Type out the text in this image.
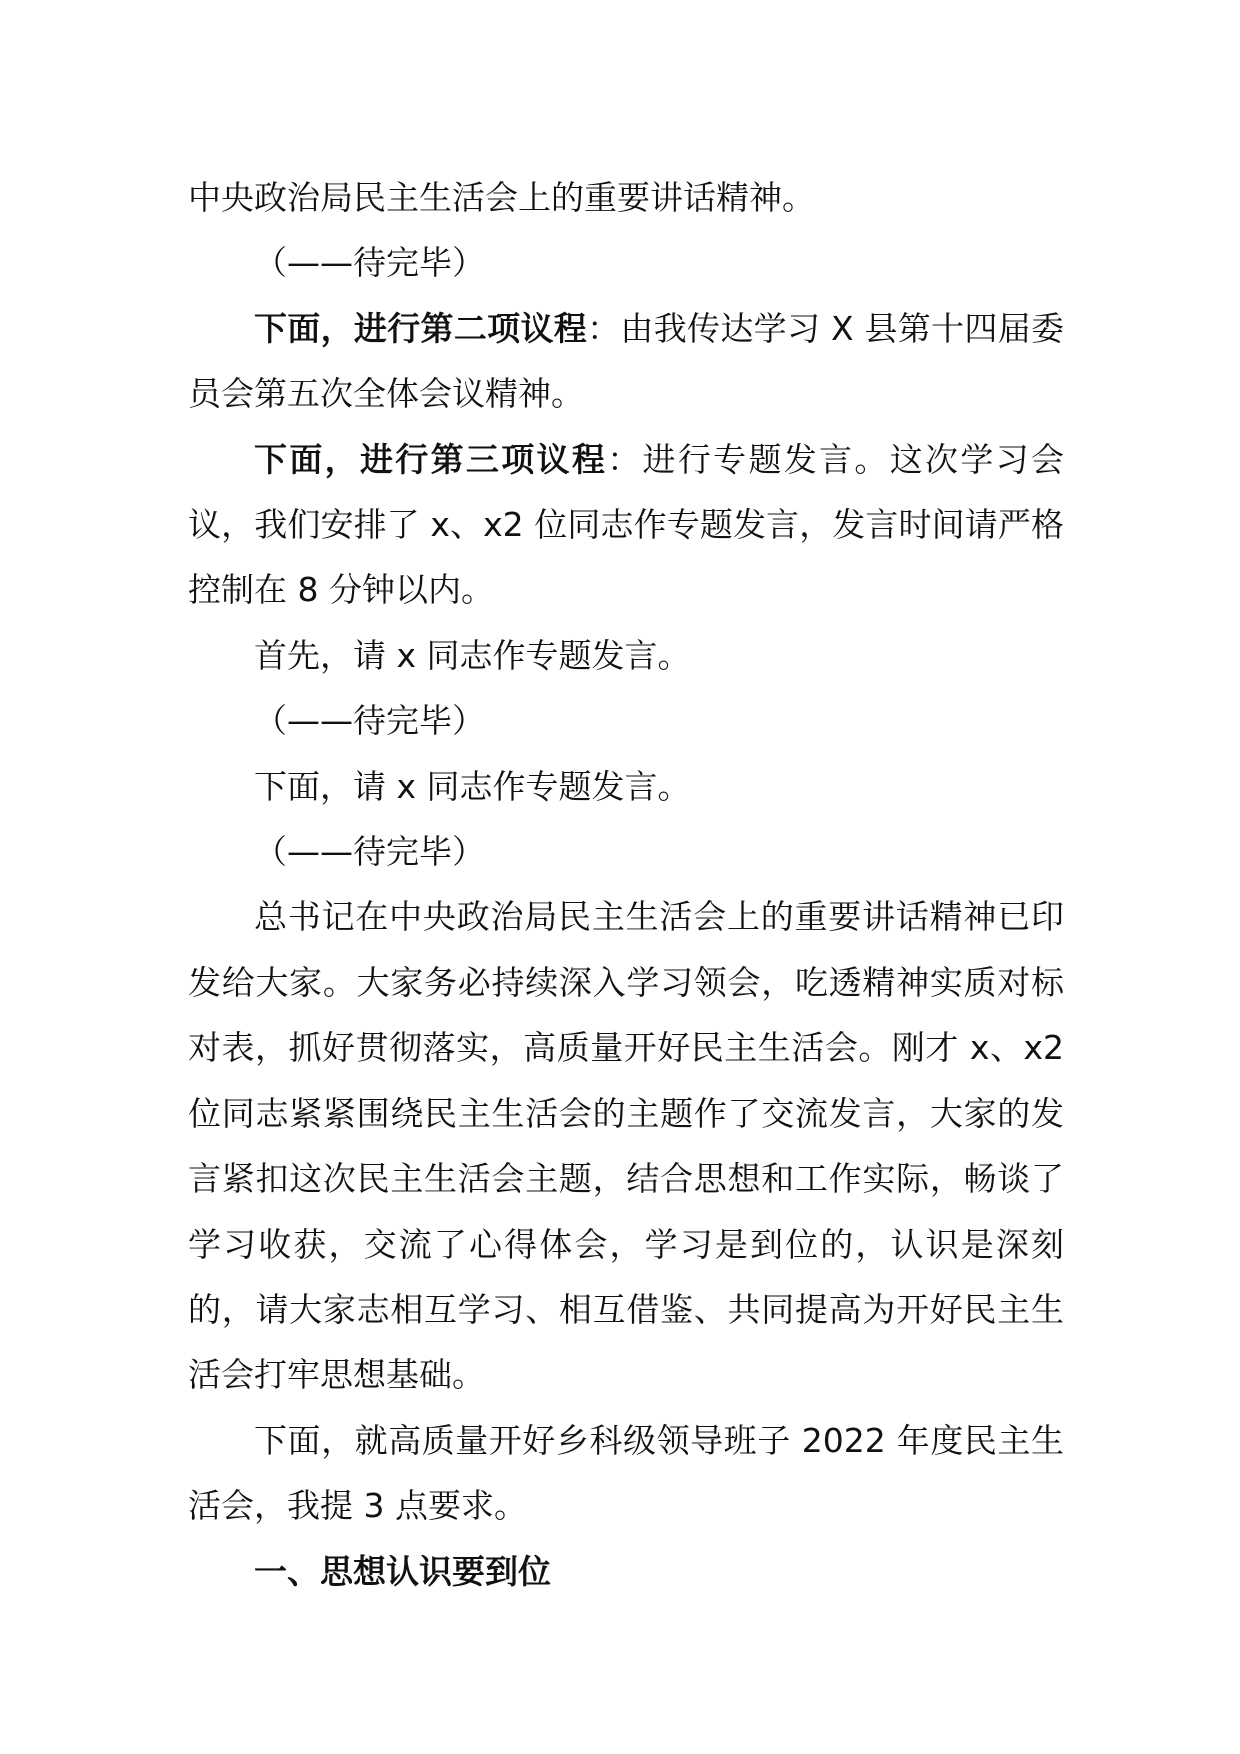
中央政治局民主生活会上的重要讲话精神。

（——待完毕）

下面，进行第二项议程：由我传达学习 X 县第十四届委员会第五次全体会议精神。

下面，进行第三项议程：进行专题发言。这次学习会议，我们安排了 x、x2 位同志作专题发言，发言时间请严格控制在 8 分钟以内。

首先，请 x 同志作专题发言。

（——待完毕）

下面，请 x 同志作专题发言。

（——待完毕）

总书记在中央政治局民主生活会上的重要讲话精神已印发给大家。大家务必持续深入学习领会，吃透精神实质对标对表，抓好贯彻落实，高质量开好民主生活会。刚才 x、x2 位同志紧紧围绕民主生活会的主题作了交流发言，大家的发言紧扣这次民主生活会主题，结合思想和工作实际，畅谈了学习收获，交流了心得体会，学习是到位的，认识是深刻的，请大家志相互学习、相互借鉴、共同提高为开好民主生活会打牢思想基础。

下面，就高质量开好乡科级领导班子 2022 年度民主生活会，我提 3 点要求。

一、思想认识要到位
